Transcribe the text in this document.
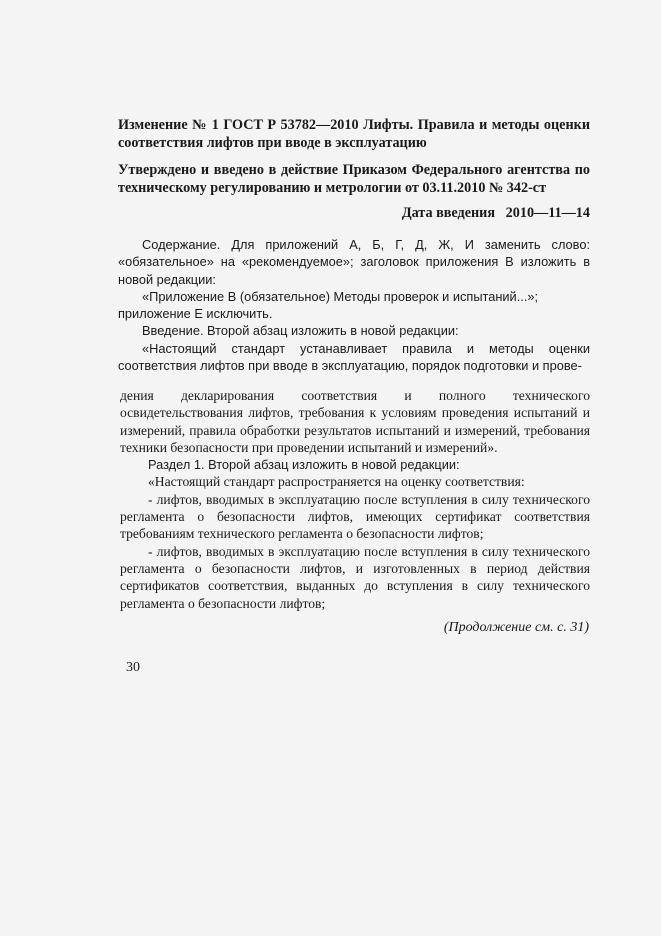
Изменение № 1 ГОСТ Р 53782—2010 Лифты. Правила и методы оценки соответствия лифтов при вводе в эксплуатацию

Утверждено и введено в действие Приказом Федерального агентства по техническому регулированию и метрологии от 03.11.2010 № 342-ст

Дата введения 2010—11—14

Содержание. Для приложений А, Б, Г, Д, Ж, И заменить слово: «обязательное» на «рекомендуемое»; заголовок приложения В изложить в новой редакции:

«Приложение В (обязательное) Методы проверок и испытаний...»;

приложение Е исключить.

Введение. Второй абзац изложить в новой редакции:

«Настоящий стандарт устанавливает правила и методы оценки соответствия лифтов при вводе в эксплуатацию, порядок подготовки и прове-

дения декларирования соответствия и полного технического освидетельствования лифтов, требования к условиям проведения испытаний и измерений, правила обработки результатов испытаний и измерений, требования техники безопасности при проведении испытаний и измерений».

Раздел 1. Второй абзац изложить в новой редакции:

«Настоящий стандарт распространяется на оценку соответствия:

- лифтов, вводимых в эксплуатацию после вступления в силу технического регламента о безопасности лифтов, имеющих сертификат соответствия требованиям технического регламента о безопасности лифтов;

- лифтов, вводимых в эксплуатацию после вступления в силу технического регламента о безопасности лифтов, и изготовленных в период действия сертификатов соответствия, выданных до вступления в силу технического регламента о безопасности лифтов;

(Продолжение см. с. 31)
30
